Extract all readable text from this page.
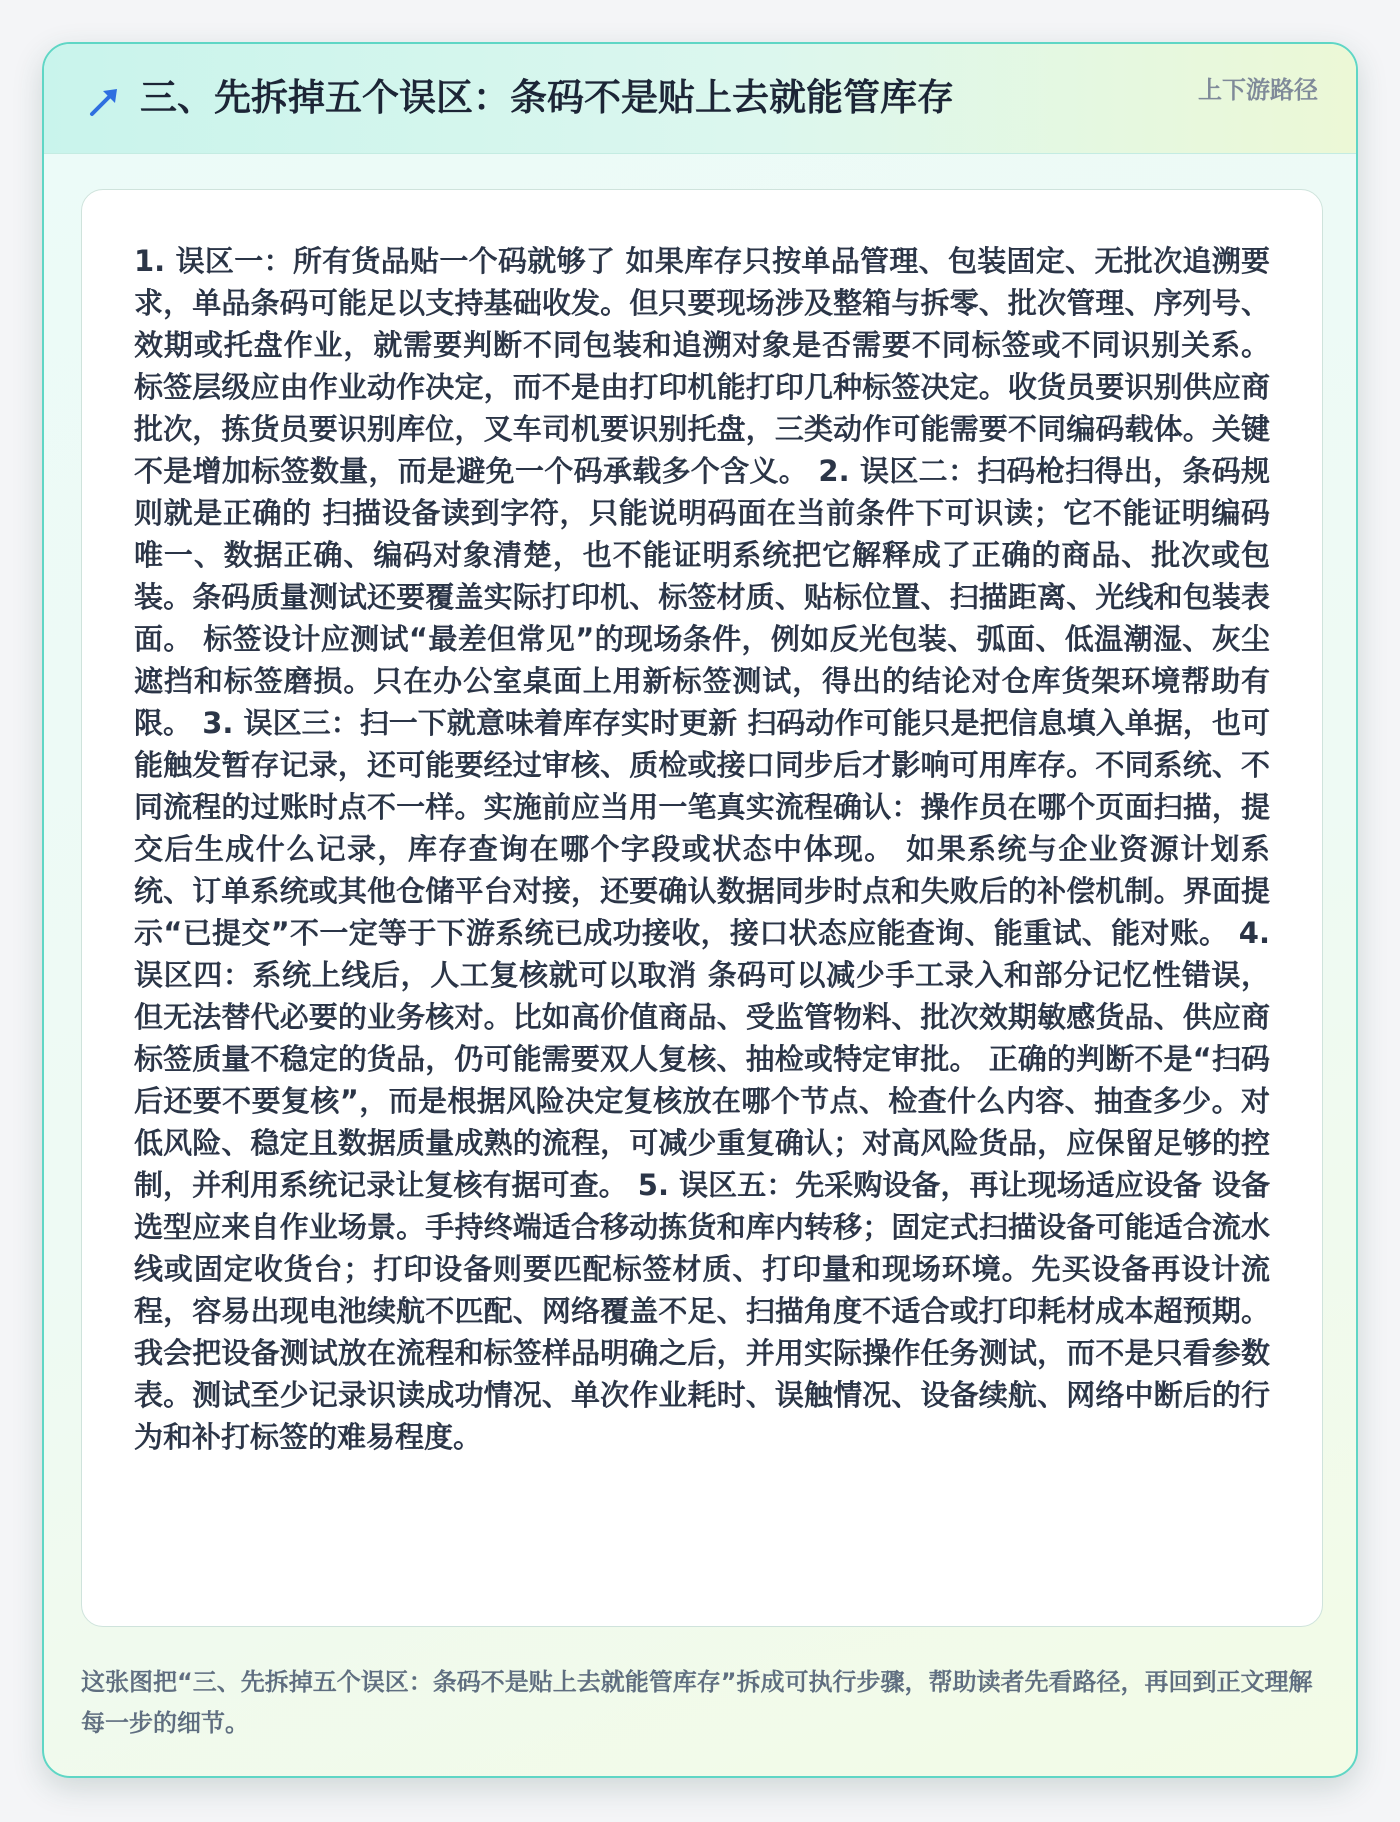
三、先拆掉五个误区：条码不是贴上去就能管库存	上下游路径

1. 误区一：所有货品贴一个码就够了 如果库存只按单品管理、包装固定、无批次追溯要求，单品条码可能足以支持基础收发。但只要现场涉及整箱与拆零、批次管理、序列号、效期或托盘作业，就需要判断不同包装和追溯对象是否需要不同标签或不同识别关系。 标签层级应由作业动作决定，而不是由打印机能打印几种标签决定。收货员要识别供应商批次，拣货员要识别库位，叉车司机要识别托盘，三类动作可能需要不同编码载体。关键不是增加标签数量，而是避免一个码承载多个含义。 2. 误区二：扫码枪扫得出，条码规则就是正确的 扫描设备读到字符，只能说明码面在当前条件下可识读；它不能证明编码唯一、数据正确、编码对象清楚，也不能证明系统把它解释成了正确的商品、批次或包装。条码质量测试还要覆盖实际打印机、标签材质、贴标位置、扫描距离、光线和包装表面。 标签设计应测试“最差但常见”的现场条件，例如反光包装、弧面、低温潮湿、灰尘遮挡和标签磨损。只在办公室桌面上用新标签测试，得出的结论对仓库货架环境帮助有限。 3. 误区三：扫一下就意味着库存实时更新 扫码动作可能只是把信息填入单据，也可能触发暂存记录，还可能要经过审核、质检或接口同步后才影响可用库存。不同系统、不同流程的过账时点不一样。实施前应当用一笔真实流程确认：操作员在哪个页面扫描，提交后生成什么记录，库存查询在哪个字段或状态中体现。 如果系统与企业资源计划系统、订单系统或其他仓储平台对接，还要确认数据同步时点和失败后的补偿机制。界面提示“已提交”不一定等于下游系统已成功接收，接口状态应能查询、能重试、能对账。 4. 误区四：系统上线后，人工复核就可以取消 条码可以减少手工录入和部分记忆性错误，但无法替代必要的业务核对。比如高价值商品、受监管物料、批次效期敏感货品、供应商标签质量不稳定的货品，仍可能需要双人复核、抽检或特定审批。 正确的判断不是“扫码后还要不要复核”，而是根据风险决定复核放在哪个节点、检查什么内容、抽查多少。对低风险、稳定且数据质量成熟的流程，可减少重复确认；对高风险货品，应保留足够的控制，并利用系统记录让复核有据可查。 5. 误区五：先采购设备，再让现场适应设备 设备选型应来自作业场景。手持终端适合移动拣货和库内转移；固定式扫描设备可能适合流水线或固定收货台；打印设备则要匹配标签材质、打印量和现场环境。先买设备再设计流程，容易出现电池续航不匹配、网络覆盖不足、扫描角度不适合或打印耗材成本超预期。 我会把设备测试放在流程和标签样品明确之后，并用实际操作任务测试，而不是只看参数表。测试至少记录识读成功情况、单次作业耗时、误触情况、设备续航、网络中断后的行为和补打标签的难易程度。

这张图把“三、先拆掉五个误区：条码不是贴上去就能管库存”拆成可执行步骤，帮助读者先看路径，再回到正文理解每一步的细节。
